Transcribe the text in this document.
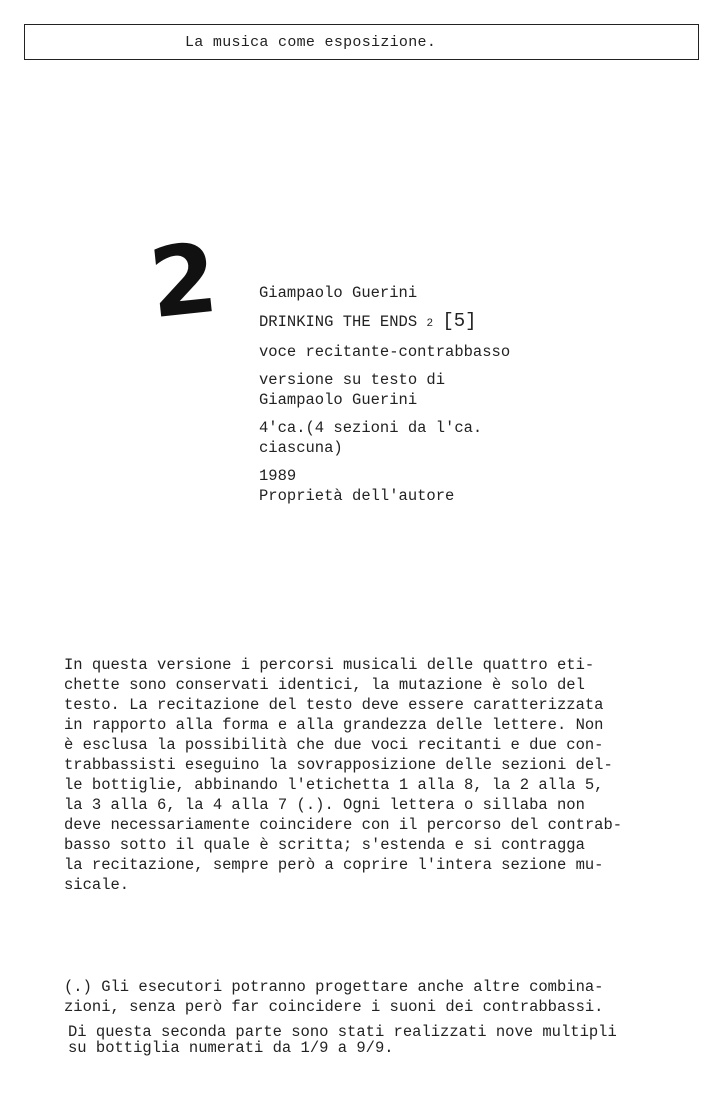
La musica come esposizione.
2 Giampaolo Guerini
DRINKING THE ENDS 2 [5]
voce recitante-contrabbasso
versione su testo di
Giampaolo Guerini
4'ca.(4 sezioni da l'ca.
ciascuna)
1989
Proprietà dell'autore
In questa versione i percorsi musicali delle quattro eti-
chette sono conservati identici, la mutazione è solo del
testo. La recitazione del testo deve essere caratterizzata
in rapporto alla forma e alla grandezza delle lettere. Non
è esclusa la possibilità che due voci recitanti e due con-
trabbassisti eseguino la sovrapposizione delle sezioni del-
le bottiglie, abbinando l'etichetta 1 alla 8, la 2 alla 5,
la 3 alla 6, la 4 alla 7 (.). Ogni lettera o sillaba non
deve necessariamente coincidere con il percorso del contrab-
basso sotto il quale è scritta; s'estenda e si contragga
la recitazione, sempre però a coprire l'intera sezione mu-
sicale.
(.) Gli esecutori potranno progettare anche altre combina-
zioni, senza però far coincidere i suoni dei contrabbassi.
Di questa seconda parte sono stati realizzati nove multipli
su bottiglia numerati da 1/9 a 9/9.
